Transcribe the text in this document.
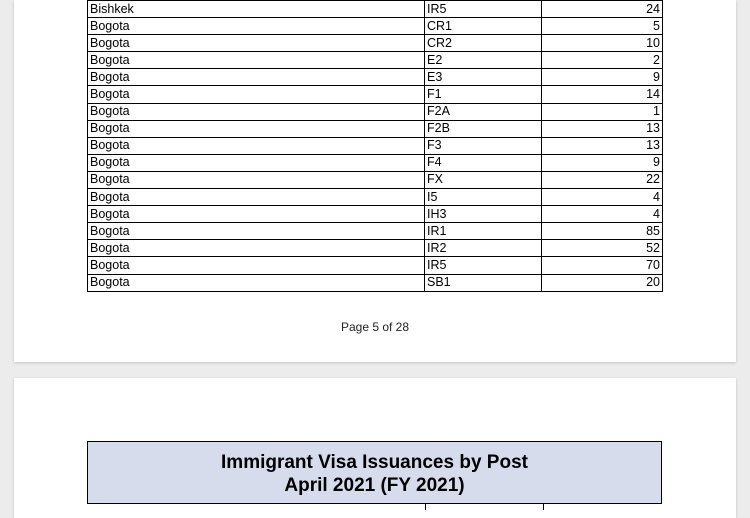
Bishkek	IR5	24
Bogota	CR1	5
Bogota	CR2	10
Bogota	E2	2
Bogota	E3	9
Bogota	F1	14
Bogota	F2A	1
Bogota	F2B	13
Bogota	F3	13
Bogota	F4	9
Bogota	FX	22
Bogota	I5	4
Bogota	IH3	4
Bogota	IR1	85
Bogota	IR2	52
Bogota	IR5	70
Bogota	SB1	20
Page 5 of 28
Immigrant Visa Issuances by Post
April 2021 (FY 2021)
